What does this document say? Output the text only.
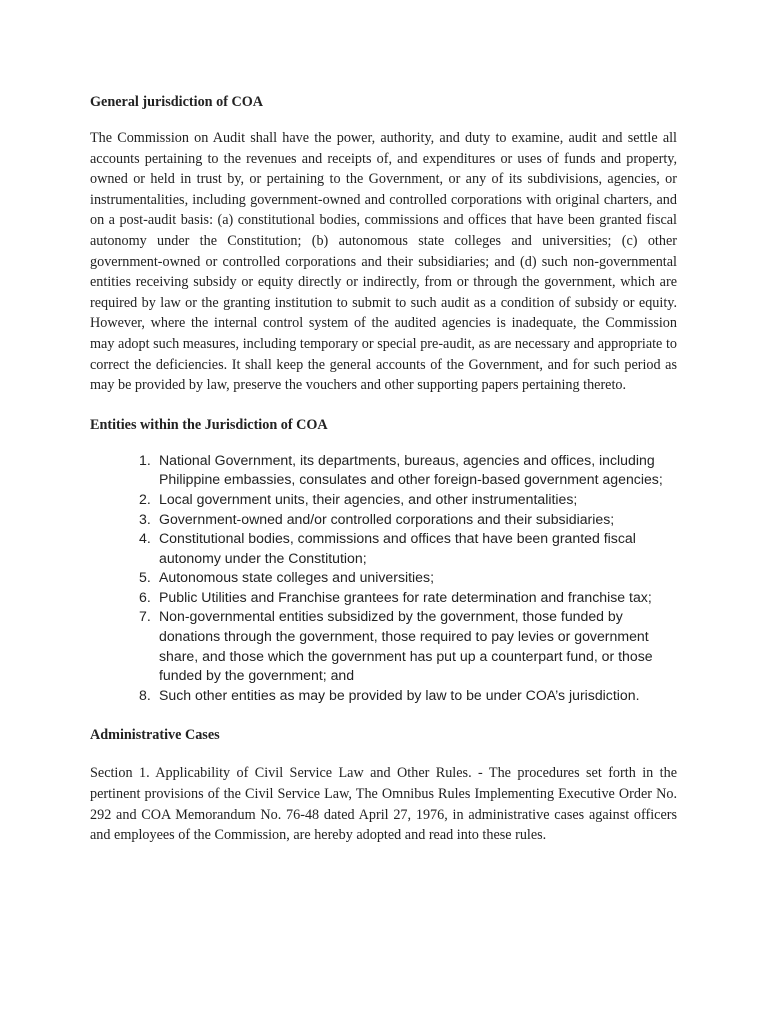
General jurisdiction of COA

The Commission on Audit shall have the power, authority, and duty to examine, audit and settle all accounts pertaining to the revenues and receipts of, and expenditures or uses of funds and property, owned or held in trust by, or pertaining to the Government, or any of its subdivisions, agencies, or instrumentalities, including government-owned and controlled corporations with original charters, and on a post-audit basis: (a) constitutional bodies, commissions and offices that have been granted fiscal autonomy under the Constitution; (b) autonomous state colleges and universities; (c) other government-owned or controlled corporations and their subsidiaries; and (d) such non-governmental entities receiving subsidy or equity directly or indirectly, from or through the government, which are required by law or the granting institution to submit to such audit as a condition of subsidy or equity. However, where the internal control system of the audited agencies is inadequate, the Commission may adopt such measures, including temporary or special pre-audit, as are necessary and appropriate to correct the deficiencies. It shall keep the general accounts of the Government, and for such period as may be provided by law, preserve the vouchers and other supporting papers pertaining thereto.

Entities within the Jurisdiction of COA
1. National Government, its departments, bureaus, agencies and offices, including Philippine embassies, consulates and other foreign-based government agencies;
2. Local government units, their agencies, and other instrumentalities;
3. Government-owned and/or controlled corporations and their subsidiaries;
4. Constitutional bodies, commissions and offices that have been granted fiscal autonomy under the Constitution;
5. Autonomous state colleges and universities;
6. Public Utilities and Franchise grantees for rate determination and franchise tax;
7. Non-governmental entities subsidized by the government, those funded by donations through the government, those required to pay levies or government share, and those which the government has put up a counterpart fund, or those funded by the government; and
8. Such other entities as may be provided by law to be under COA’s jurisdiction.
Administrative Cases

Section 1. Applicability of Civil Service Law and Other Rules. - The procedures set forth in the pertinent provisions of the Civil Service Law, The Omnibus Rules Implementing Executive Order No. 292 and COA Memorandum No. 76-48 dated April 27, 1976, in administrative cases against officers and employees of the Commission, are hereby adopted and read into these rules.
